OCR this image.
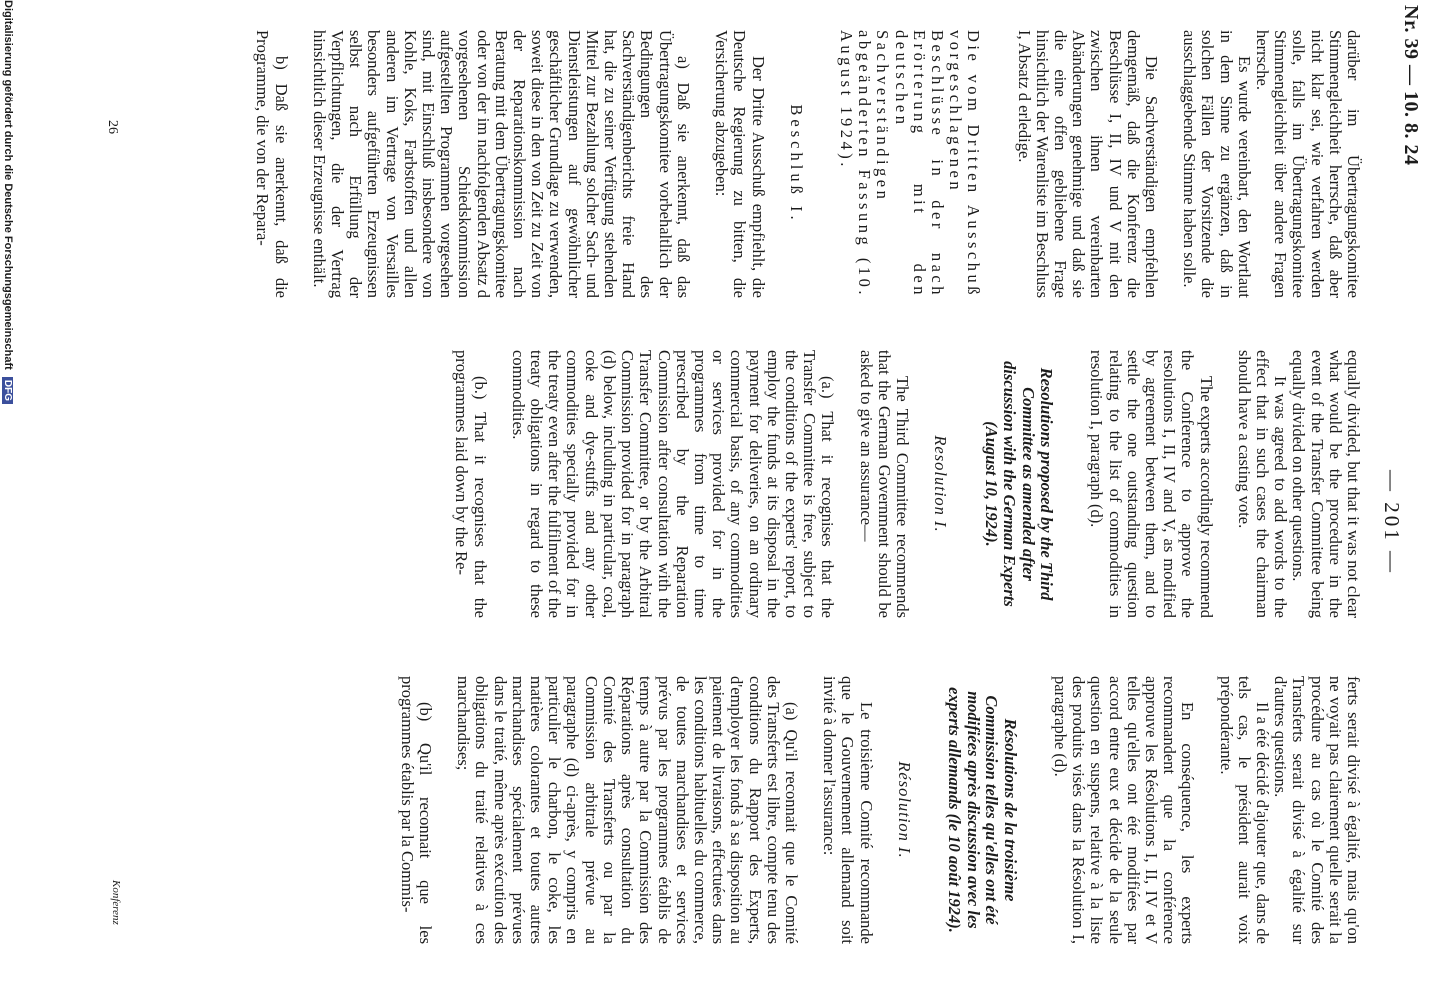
Nr. 39 — 10. 8. 24
— 201 —

darüber im Übertragungskomitee Stimmengleichheit herrsche, daß aber nicht klar sei, wie verfahren werden solle, falls im Übertragungskomitee Stimmengleichheit über andere Fragen herrsche.

Es wurde vereinbart, den Wortlaut in dem Sinne zu ergänzen, daß in solchen Fällen der Vorsitzende die ausschlaggebende Stimme haben solle.

Die Sachverständigen empfehlen demgemäß, daß die Konferenz die Beschlüsse I, II, IV und V mit den zwischen ihnen vereinbarten Abänderungen genehmige und daß sie die eine offen gebliebene Frage hinsichtlich der Warenliste im Beschluss I, Absatz d erledige.

Die vom Dritten Ausschuß vorgeschlagenen Beschlüsse in der nach Erörterung mit den deutschen Sachverständigen abgeänderten Fassung (10. August 1924).

Beschluß I.

Der Dritte Ausschuß empfiehlt, die Deutsche Regierung zu bitten, die Versicherung abzugeben:

a) Daß sie anerkennt, daß das Übertragungskomitee vorbehaltlich der Bedingungen des Sachverständigenberichts freie Hand hat, die zu seiner Verfügung stehenden Mittel zur Bezahlung solcher Sach- und Dienstleistungen auf gewöhnlicher geschäftlicher Grundlage zu verwenden, soweit diese in den von Zeit zu Zeit von der Reparationskommission nach Beratung mit dem Übertragungskomitee oder von der im nachfolgenden Absatz d vorgesehenen Schiedskommission aufgestellten Programmen vorgesehen sind, mit Einschluß insbesondere von Kohle, Koks, Farbstoffen und allen anderen im Vertrage von Versailles besonders aufgeführten Erzeugnissen selbst nach Erfüllung der Verpflichtungen, die der Vertrag hinsichtlich dieser Erzeugnisse enthält.

b) Daß sie anerkennt, daß die Programme, die von der Repara-

equally divided, but that it was not clear what would be the procedure in the event of the Transfer Committee being equally divided on other questions.

It was agreed to add words to the effect that in such cases the chairman should have a casting vote.

The experts accordingly recommend the Conference to approve the resolutions I, II, IV and V, as modified by agreement between them, and to settle the one outstanding question relating to the list of commodities in resolution I, paragraph (d).

Resolutions proposed by the Third Committee as amended after discussion with the German Experts (August 10, 1924).

Resolution I.

The Third Committee recommends that the German Government should be asked to give an assurance—

(a.) That it recognises that the Transfer Committee is free, subject to the conditions of the experts' report, to employ the funds at its disposal in the payment for deliveries, on an ordinary commercial basis, of any commodities or services provided for in the programmes from time to time prescribed by the Reparation Commission after consultation with the Transfer Committee, or by the Arbitral Commission provided for in paragraph (d) below, including in particular, coal, coke and dye-stuffs and any other commodities specially provided for in the treaty even after the fulfilment of the treaty obligations in regard to these commodities.

(b.) That it recognises that the programmes laid down by the Re-

ferts serait divisé à égalité, mais qu'on ne voyait pas clairement quelle serait la procédure au cas où le Comité des Transferts serait divisé à égalité sur d'autres questions.

Il a été décidé d'ajouter que, dans de tels cas, le président aurait voix prépondérante.

En conséquence, les experts recommandent que la conférence approuve les Résolutions I, II, IV et V telles qu'elles ont été modifiées par accord entre eux et décide de la seule question en suspens, relative à la liste des produits visés dans la Résolution I, paragraphe (d).

Résolutions de la troisième Commission telles qu'elles ont été modifiées après discussion avec les experts allemands (le 10 août 1924).

Résolution I.

Le troisième Comité recommande que le Gouvernement allemand soit invité à donner l'assurance:

(a) Qu'il reconnait que le Comité des Transferts est libre, compte tenu des conditions du Rapport des Experts, d'employer les fonds à sa disposition au paiement de livraisons, effectuées dans les conditions habituelles du commerce, de toutes marchandises et services prévus par les programmes établis de temps à autre par la Commission des Réparations après consultation du Comité des Transferts ou par la Commission arbitrale prévue au paragraphe (d) ci-après, y compris en particulier le charbon, le coke, les matières colorantes et toutes autres marchandises spécialement prévues dans le traité, même après exécution des obligations du traité relatives à ces marchandises;

(b) Qu'il reconnait que les programmes établis par la Commis-

Konferenz
26
Digitalisierung gefördert durch die Deutsche Forschungsgemeinschaft DFG
